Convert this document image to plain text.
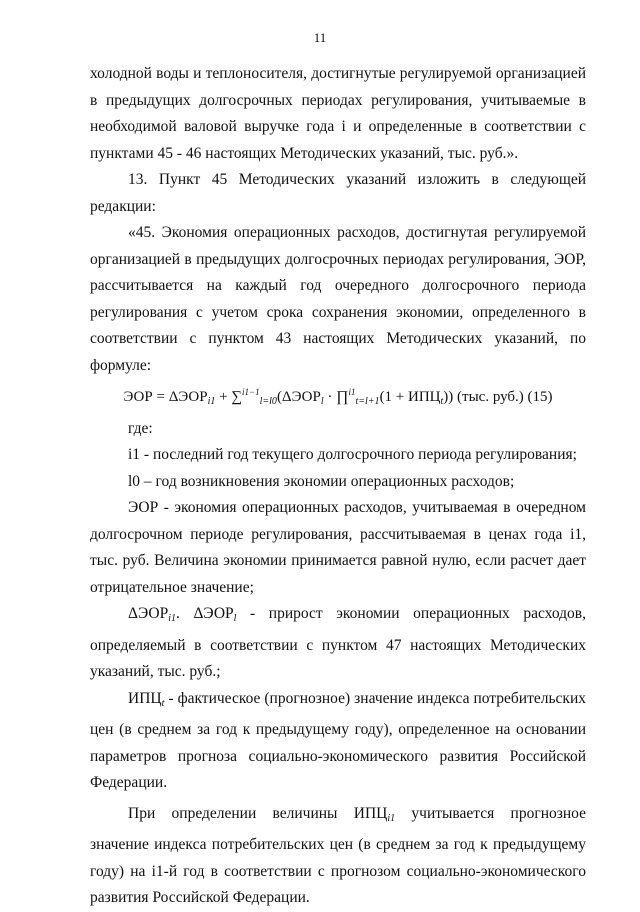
11

холодной воды и теплоносителя, достигнутые регулируемой организацией в предыдущих долгосрочных периодах регулирования, учитываемые в необходимой валовой выручке года i и определенные в соответствии с пунктами 45 - 46 настоящих Методических указаний, тыс. руб.».

13. Пункт 45 Методических указаний изложить в следующей редакции:

«45. Экономия операционных расходов, достигнутая регулируемой организацией в предыдущих долгосрочных периодах регулирования, ЭОР, рассчитывается на каждый год очередного долгосрочного периода регулирования с учетом срока сохранения экономии, определенного в соответствии с пунктом 43 настоящих Методических указаний, по формуле:

ЭОР = $\Delta ЭОР_{i1} + \sum^{i1-1}_{l=l0}(\Delta ЭОР_l$ · ∏$^{i1}_{t=l+1}$(1 + $ИПЦ_t$)) (тыс. руб.) (15)

где:

i1 - последний год текущего долгосрочного периода регулирования;

l0 – год возникновения экономии операционных расходов;

ЭОР - экономия операционных расходов, учитываемая в очередном долгосрочном периоде регулирования, рассчитываемая в ценах года i1, тыс. руб. Величина экономии принимается равной нулю, если расчет дает отрицательное значение;

$\Delta ЭОР_{i1}$. $\Delta ЭОР_l$ - прирост экономии операционных расходов, определяемый в соответствии с пунктом 47 настоящих Методических указаний, тыс. руб.;

$ИПЦ_t$ - фактическое (прогнозное) значение индекса потребительских цен (в среднем за год к предыдущему году), определенное на основании параметров прогноза социально-экономического развития Российской Федерации.

При определении величины $ИПЦ_{i1}$ учитывается прогнозное значение индекса потребительских цен (в среднем за год к предыдущему году) на i1-й год в соответствии с прогнозом социально-экономического развития Российской Федерации.
